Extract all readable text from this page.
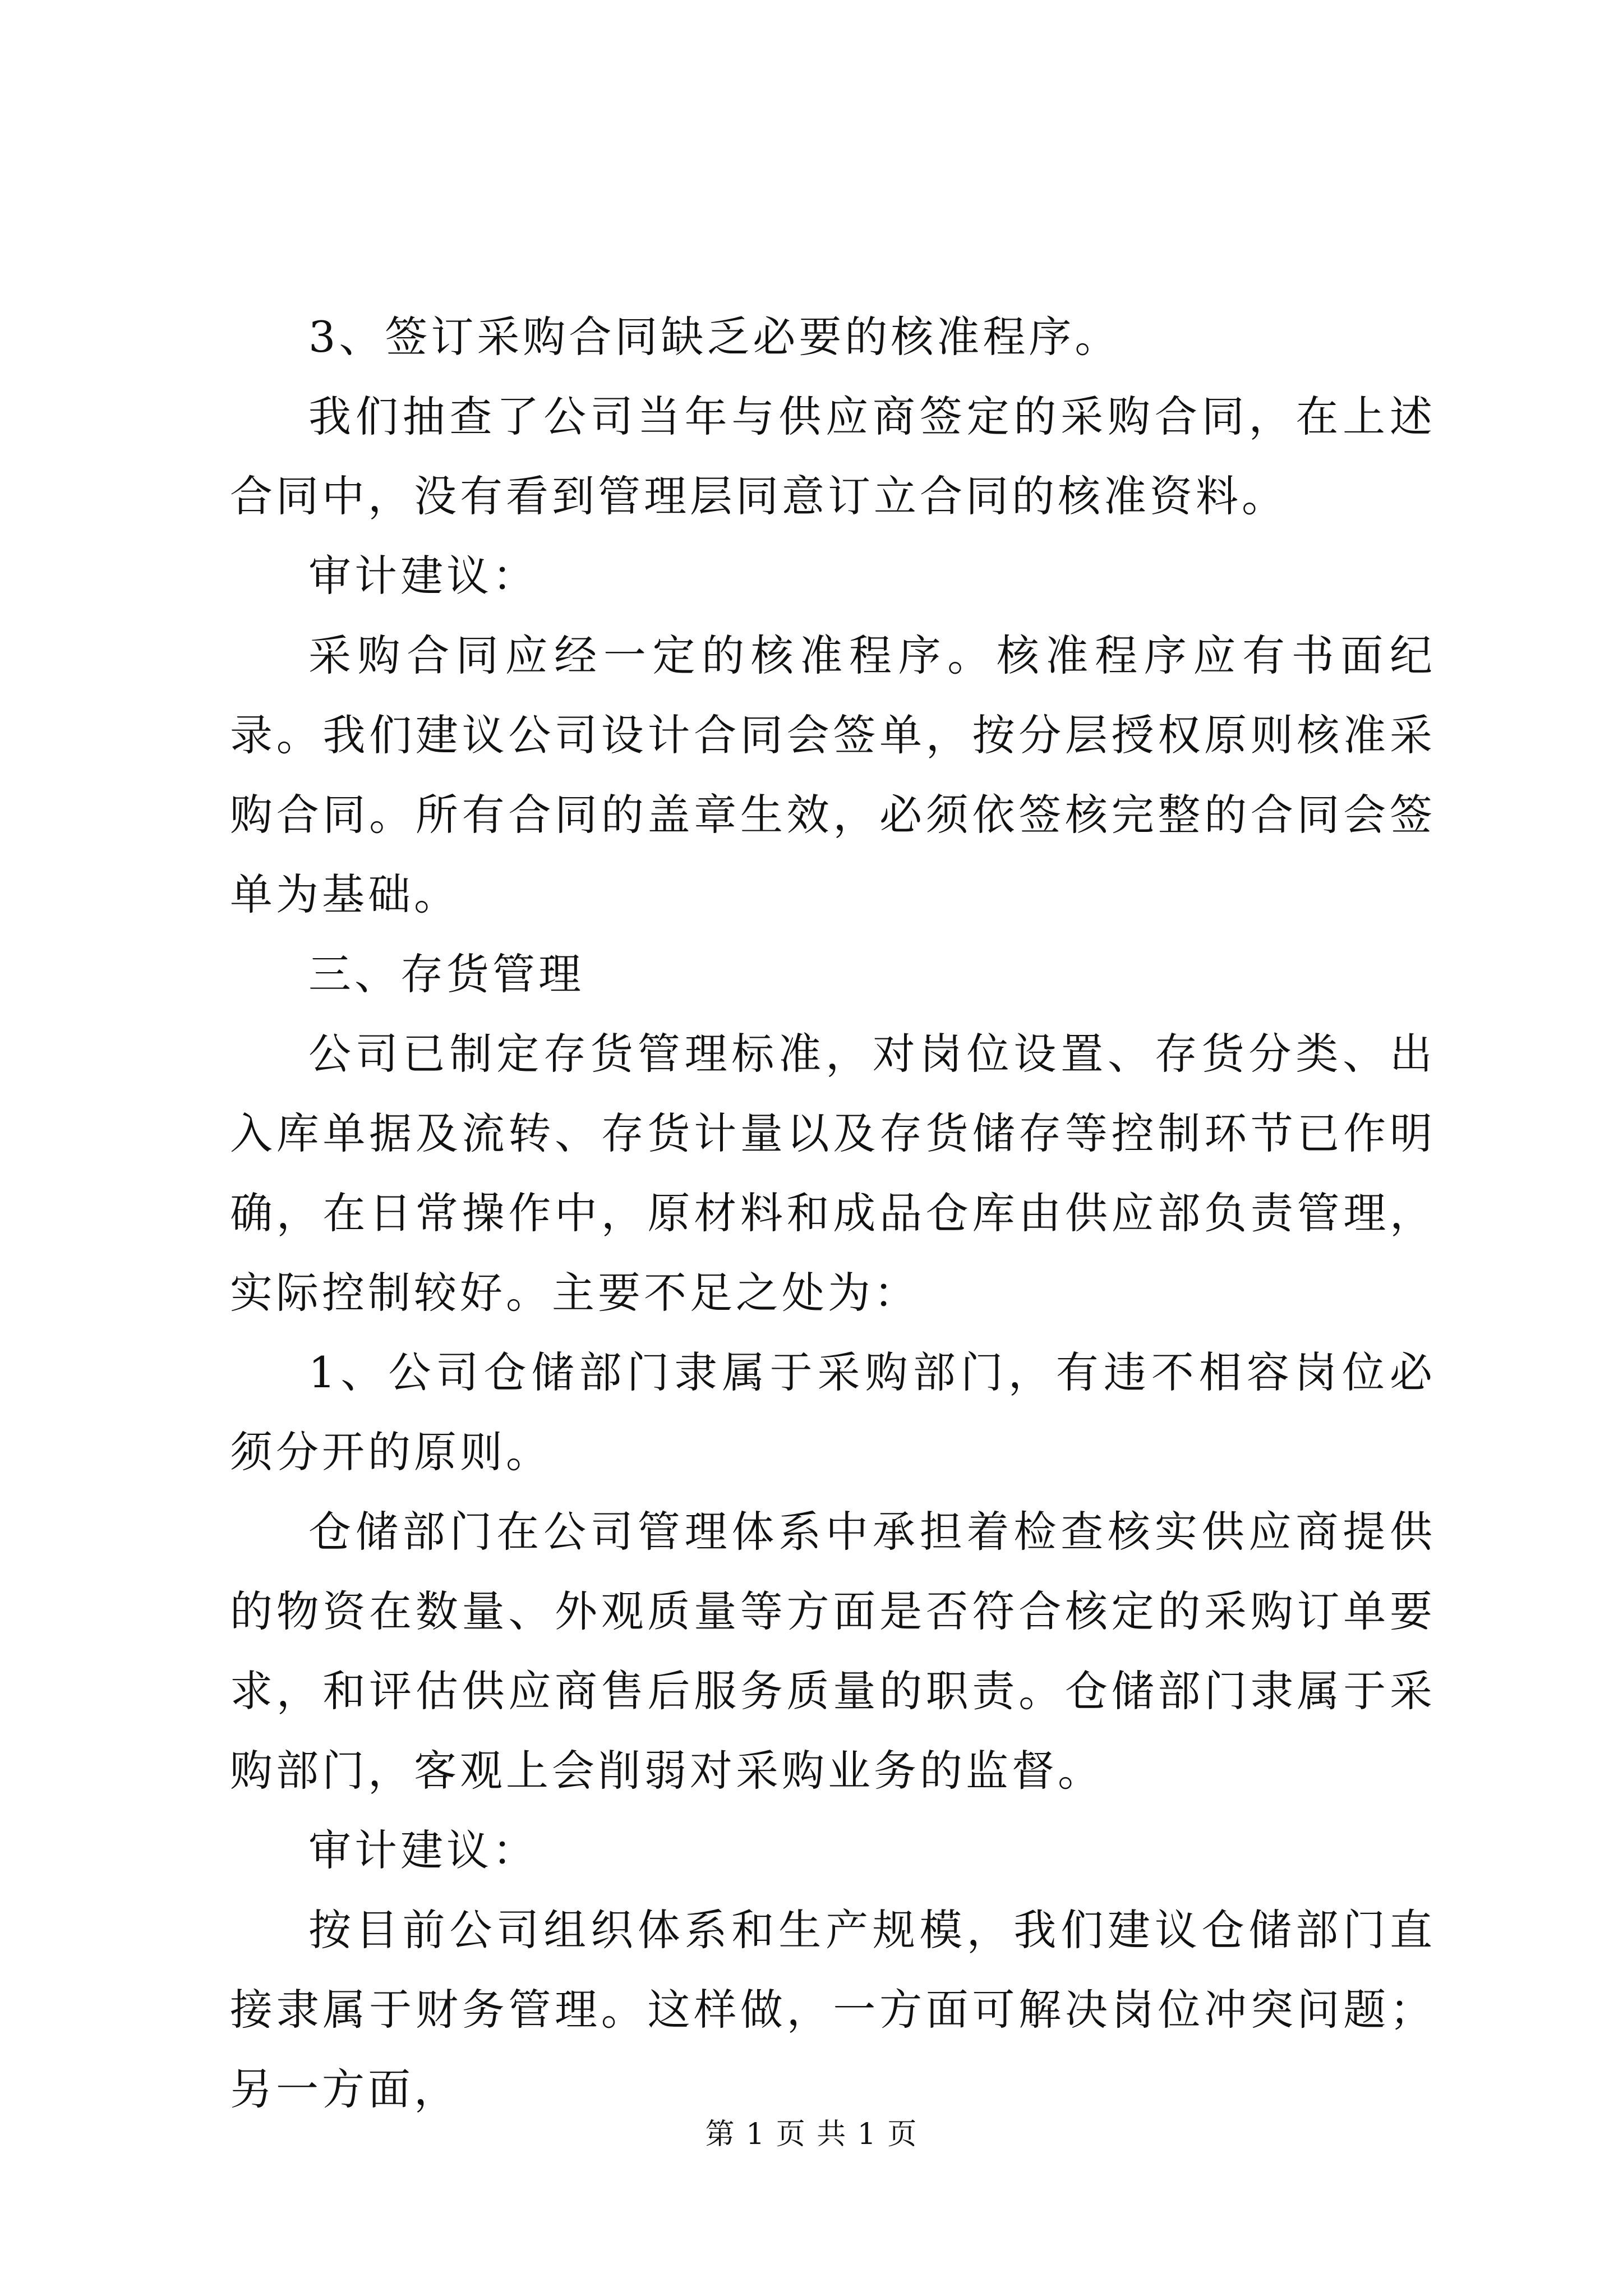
3、签订采购合同缺乏必要的核准程序。

我们抽查了公司当年与供应商签定的采购合同，在上述合同中，没有看到管理层同意订立合同的核准资料。

审计建议：

采购合同应经一定的核准程序。核准程序应有书面纪录。我们建议公司设计合同会签单，按分层授权原则核准采购合同。所有合同的盖章生效，必须依签核完整的合同会签单为基础。

三、存货管理

公司已制定存货管理标准，对岗位设置、存货分类、出入库单据及流转、存货计量以及存货储存等控制环节已作明确，在日常操作中，原材料和成品仓库由供应部负责管理，实际控制较好。主要不足之处为：

1、公司仓储部门隶属于采购部门，有违不相容岗位必须分开的原则。

仓储部门在公司管理体系中承担着检查核实供应商提供的物资在数量、外观质量等方面是否符合核定的采购订单要求，和评估供应商售后服务质量的职责。仓储部门隶属于采购部门，客观上会削弱对采购业务的监督。

审计建议：

按目前公司组织体系和生产规模，我们建议仓储部门直接隶属于财务管理。这样做，一方面可解决岗位冲突问题；另一方面，

第 1 页 共 1 页
